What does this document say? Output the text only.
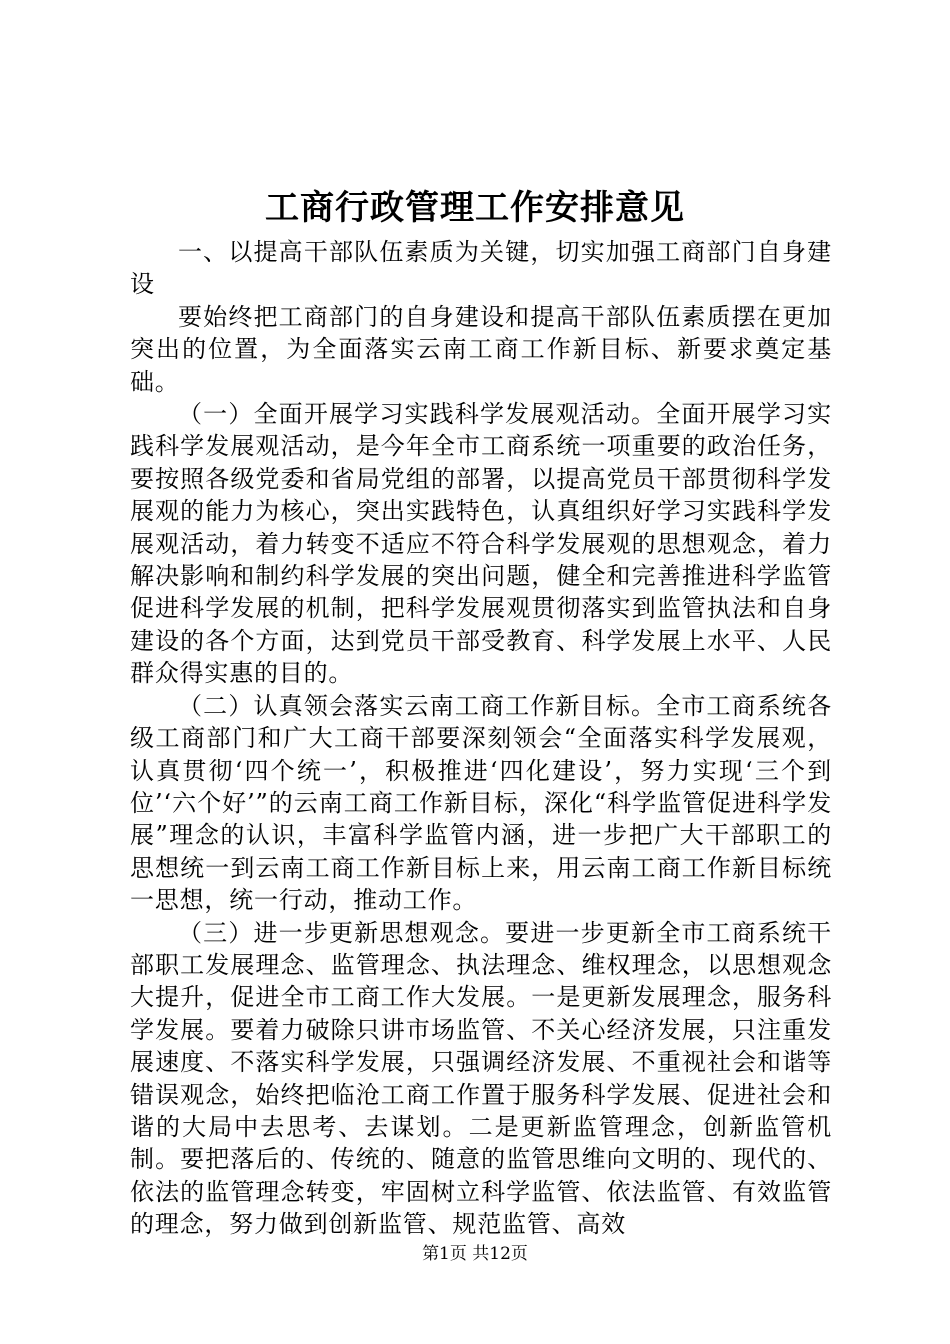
工商行政管理工作安排意见

一、以提高干部队伍素质为关键，切实加强工商部门自身建设

要始终把工商部门的自身建设和提高干部队伍素质摆在更加突出的位置，为全面落实云南工商工作新目标、新要求奠定基础。

（一）全面开展学习实践科学发展观活动。全面开展学习实践科学发展观活动，是今年全市工商系统一项重要的政治任务，要按照各级党委和省局党组的部署，以提高党员干部贯彻科学发展观的能力为核心，突出实践特色，认真组织好学习实践科学发展观活动，着力转变不适应不符合科学发展观的思想观念，着力解决影响和制约科学发展的突出问题，健全和完善推进科学监管促进科学发展的机制，把科学发展观贯彻落实到监管执法和自身建设的各个方面，达到党员干部受教育、科学发展上水平、人民群众得实惠的目的。

（二）认真领会落实云南工商工作新目标。全市工商系统各级工商部门和广大工商干部要深刻领会“全面落实科学发展观，认真贯彻‘四个统一’，积极推进‘四化建设’，努力实现‘三个到位’‘六个好’”的云南工商工作新目标，深化“科学监管促进科学发展”理念的认识，丰富科学监管内涵，进一步把广大干部职工的思想统一到云南工商工作新目标上来，用云南工商工作新目标统一思想，统一行动，推动工作。

（三）进一步更新思想观念。要进一步更新全市工商系统干部职工发展理念、监管理念、执法理念、维权理念，以思想观念大提升，促进全市工商工作大发展。一是更新发展理念，服务科学发展。要着力破除只讲市场监管、不关心经济发展，只注重发展速度、不落实科学发展，只强调经济发展、不重视社会和谐等错误观念，始终把临沧工商工作置于服务科学发展、促进社会和谐的大局中去思考、去谋划。二是更新监管理念，创新监管机制。要把落后的、传统的、随意的监管思维向文明的、现代的、依法的监管理念转变，牢固树立科学监管、依法监管、有效监管的理念，努力做到创新监管、规范监管、高效

第1页 共12页
